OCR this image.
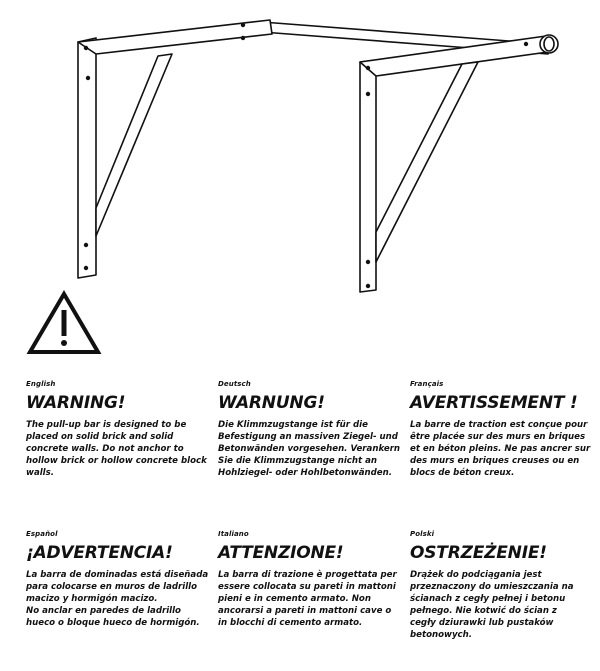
English
WARNING!
The pull-up bar is designed to be
placed on solid brick and solid
concrete walls. Do not anchor to
hollow brick or hollow concrete block
walls.
Deutsch
WARNUNG!
Die Klimmzugstange ist für die
Befestigung an massiven Ziegel- und
Betonwänden vorgesehen. Verankern
Sie die Klimmzugstange nicht an
Hohlziegel- oder Hohlbetonwänden.
Français
AVERTISSEMENT !
La barre de traction est conçue pour
être placée sur des murs en briques
et en béton pleins. Ne pas ancrer sur
des murs en briques creuses ou en
blocs de béton creux.
Español
¡ADVERTENCIA!
La barra de dominadas está diseñada
para colocarse en muros de ladrillo
macizo y hormigón macizo.
No anclar en paredes de ladrillo
hueco o bloque hueco de hormigón.
Italiano
ATTENZIONE!
La barra di trazione è progettata per
essere collocata su pareti in mattoni
pieni e in cemento armato. Non
ancorarsi a pareti in mattoni cave o
in blocchi di cemento armato.
Polski
OSTRZEŻENIE!
Drążek do podciągania jest
przeznaczony do umieszczania na
ścianach z cegły pełnej i betonu
pełnego. Nie kotwić do ścian z
cegły dziurawki lub pustaków
betonowych.
